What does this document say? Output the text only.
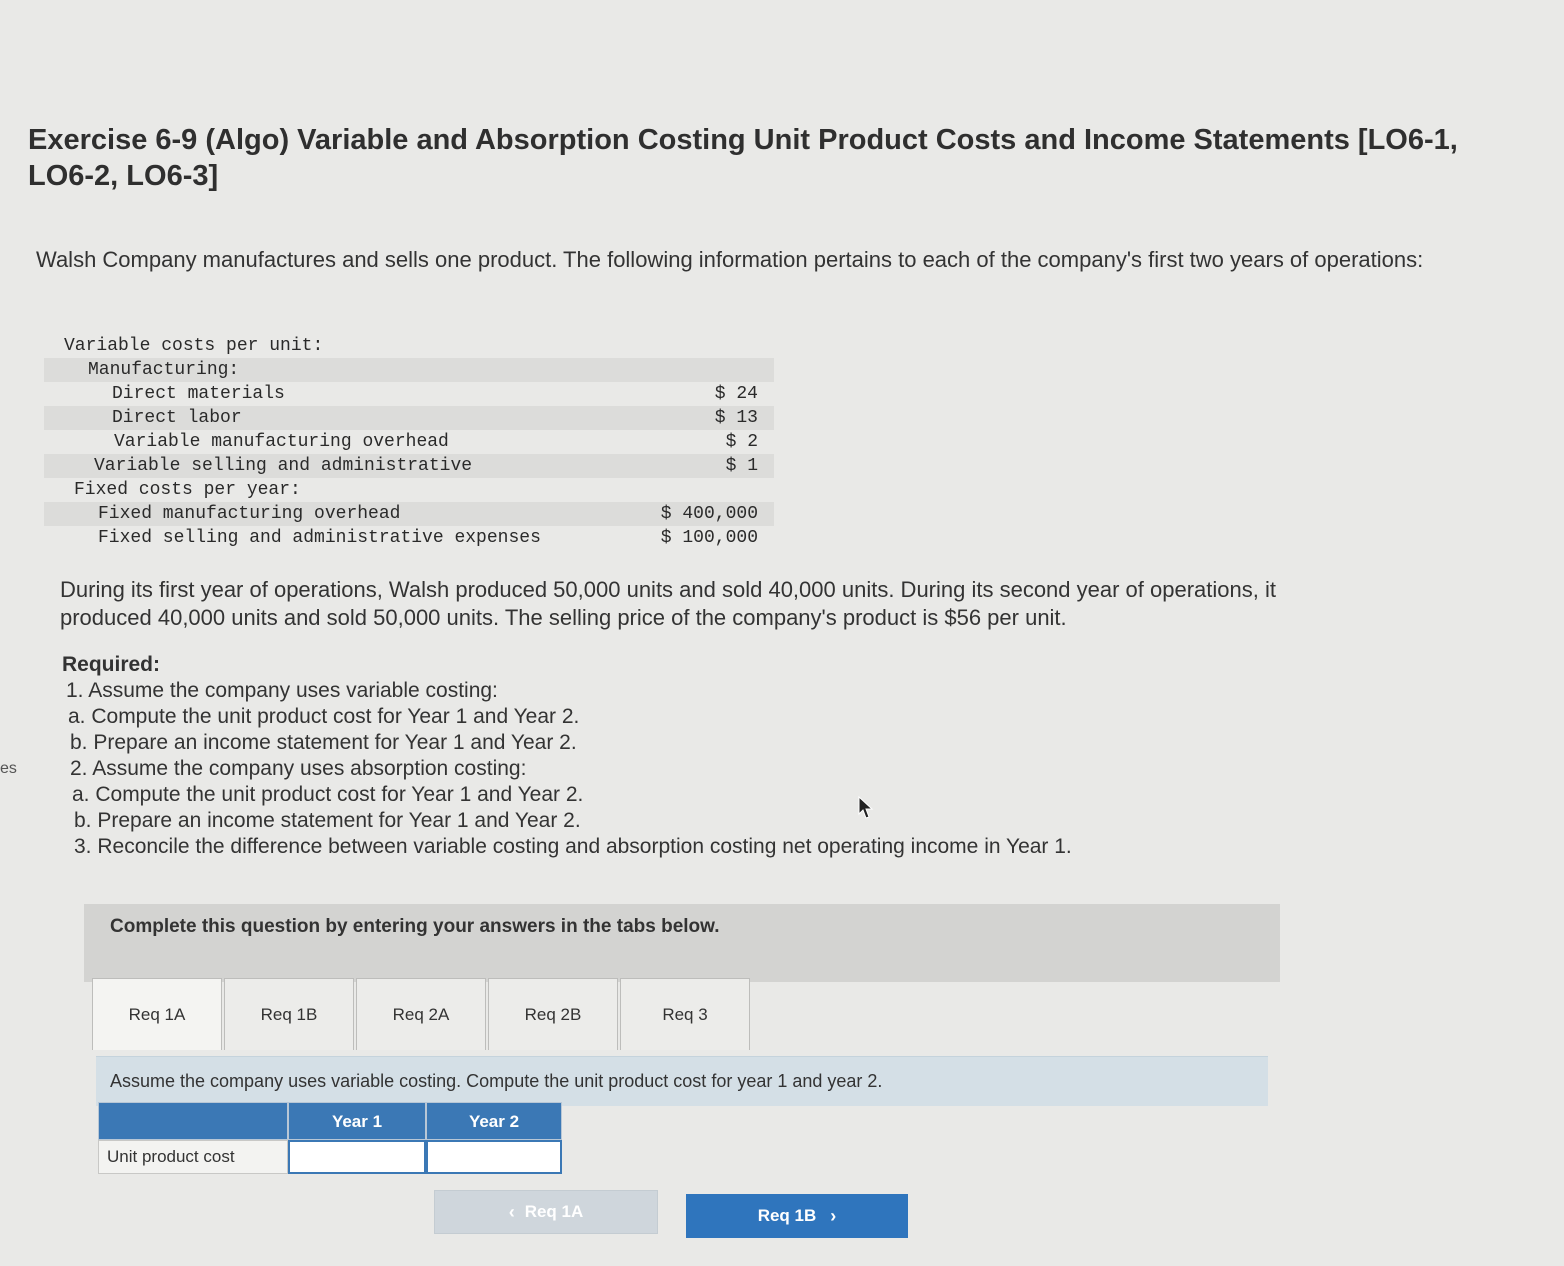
es
Exercise 6-9 (Algo) Variable and Absorption Costing Unit Product Costs and Income Statements [LO6-1, LO6-2, LO6-3]
Walsh Company manufactures and sells one product. The following information pertains to each of the company's first two years of operations:
Variable costs per unit:
Manufacturing:
Direct materials	$ 24
Direct labor	$ 13
Variable manufacturing overhead	$ 2
Variable selling and administrative	$ 1
Fixed costs per year:
Fixed manufacturing overhead	$ 400,000
Fixed selling and administrative expenses	$ 100,000
During its first year of operations, Walsh produced 50,000 units and sold 40,000 units. During its second year of operations, it produced 40,000 units and sold 50,000 units. The selling price of the company's product is $56 per unit.
Required:
1. Assume the company uses variable costing:
a. Compute the unit product cost for Year 1 and Year 2.
b. Prepare an income statement for Year 1 and Year 2.
2. Assume the company uses absorption costing:
a. Compute the unit product cost for Year 1 and Year 2.
b. Prepare an income statement for Year 1 and Year 2.
3. Reconcile the difference between variable costing and absorption costing net operating income in Year 1.
Complete this question by entering your answers in the tabs below.
Req 1A	Req 1B	Req 2A	Req 2B	Req 3
Assume the company uses variable costing. Compute the unit product cost for year 1 and year 2.
Year 1	Year 2
Unit product cost
‹ Req 1A	Req 1B ›
